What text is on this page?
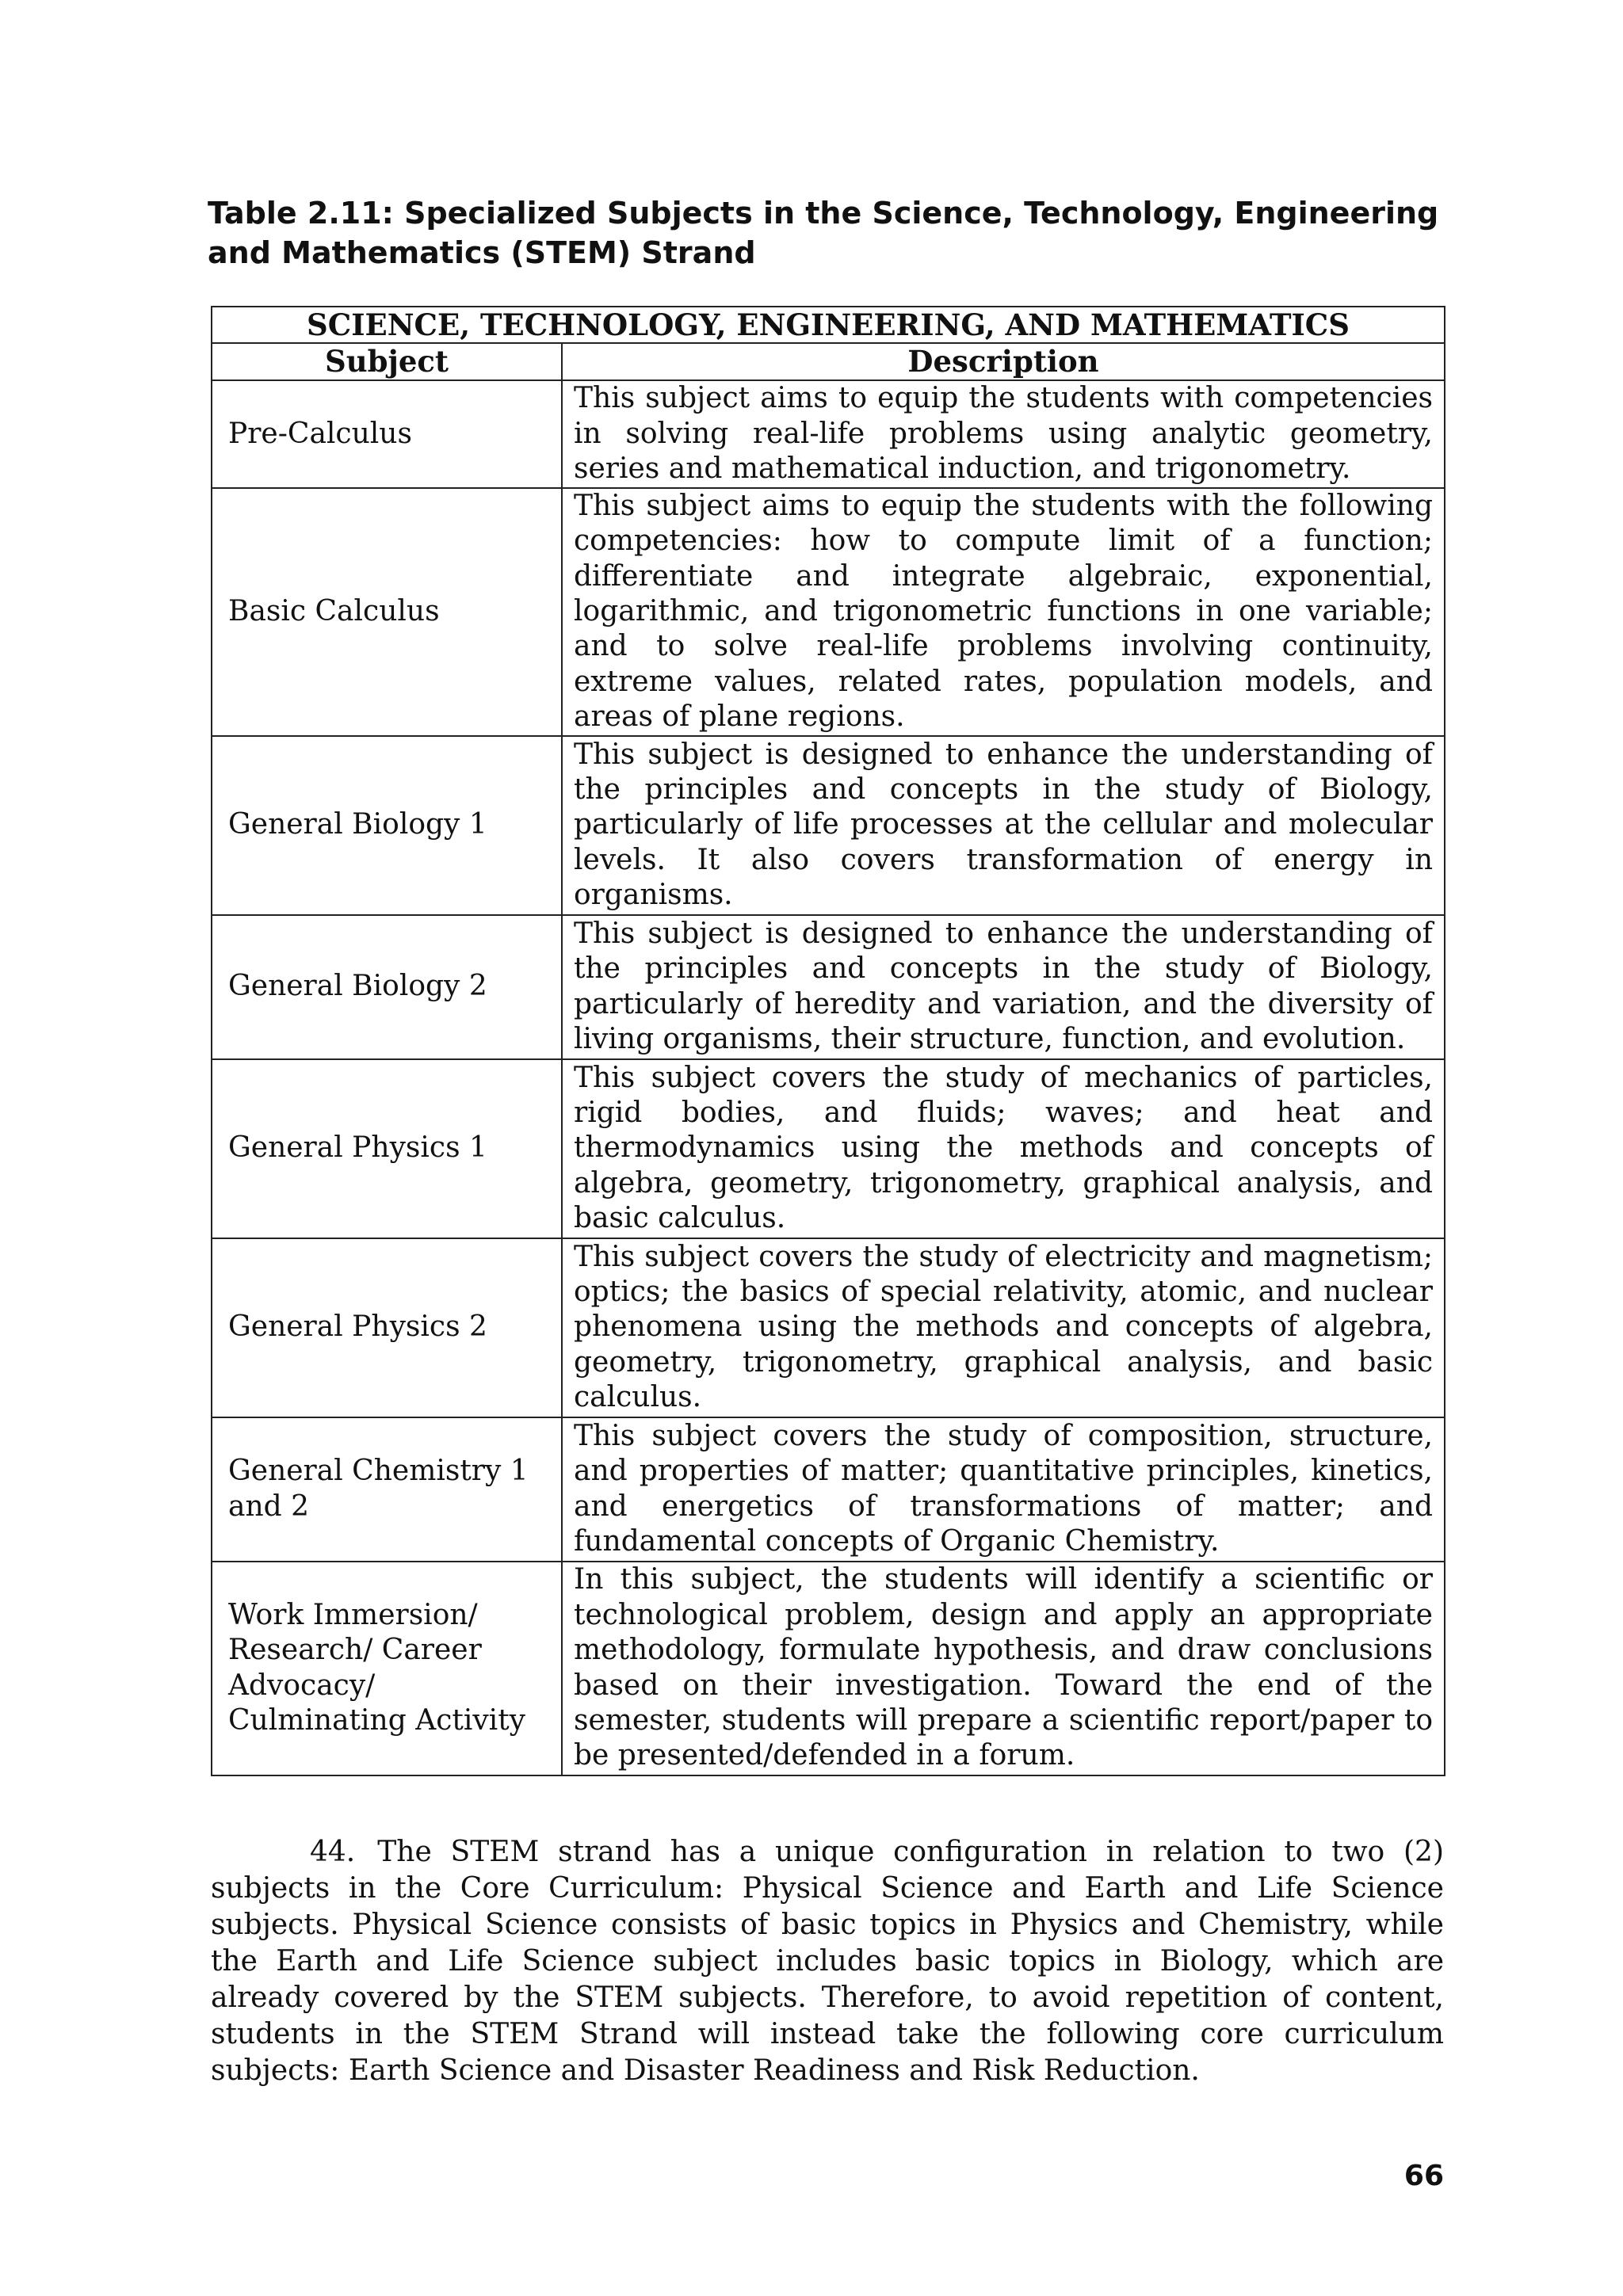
Table 2.11: Specialized Subjects in the Science, Technology, Engineering and Mathematics (STEM) Strand
SCIENCE, TECHNOLOGY, ENGINEERING, AND MATHEMATICS	
Subject	Description
Pre-Calculus	This subject aims to equip the students with competencies in solving real-life problems using analytic geometry, series and mathematical induction, and trigonometry.
Basic Calculus	This subject aims to equip the students with the following competencies: how to compute limit of a function; differentiate and integrate algebraic, exponential, logarithmic, and trigonometric functions in one variable; and to solve real-life problems involving continuity, extreme values, related rates, population models, and areas of plane regions.
General Biology 1	This subject is designed to enhance the understanding of the principles and concepts in the study of Biology, particularly of life processes at the cellular and molecular levels. It also covers transformation of energy in organisms.
General Biology 2	This subject is designed to enhance the understanding of the principles and concepts in the study of Biology, particularly of heredity and variation, and the diversity of living organisms, their structure, function, and evolution.
General Physics 1	This subject covers the study of mechanics of particles, rigid bodies, and fluids; waves; and heat and thermodynamics using the methods and concepts of algebra, geometry, trigonometry, graphical analysis, and basic calculus.
General Physics 2	This subject covers the study of electricity and magnetism; optics; the basics of special relativity, atomic, and nuclear phenomena using the methods and concepts of algebra, geometry, trigonometry, graphical analysis, and basic calculus.
General Chemistry 1 and 2	This subject covers the study of composition, structure, and properties of matter; quantitative principles, kinetics, and energetics of transformations of matter; and fundamental concepts of Organic Chemistry.
Work Immersion/ Research/ Career Advocacy/ Culminating Activity	In this subject, the students will identify a scientific or technological problem, design and apply an appropriate methodology, formulate hypothesis, and draw conclusions based on their investigation. Toward the end of the semester, students will prepare a scientific report/paper to be presented/defended in a forum.
44. The STEM strand has a unique configuration in relation to two (2) subjects in the Core Curriculum: Physical Science and Earth and Life Science subjects. Physical Science consists of basic topics in Physics and Chemistry, while the Earth and Life Science subject includes basic topics in Biology, which are already covered by the STEM subjects. Therefore, to avoid repetition of content, students in the STEM Strand will instead take the following core curriculum subjects: Earth Science and Disaster Readiness and Risk Reduction.
66
